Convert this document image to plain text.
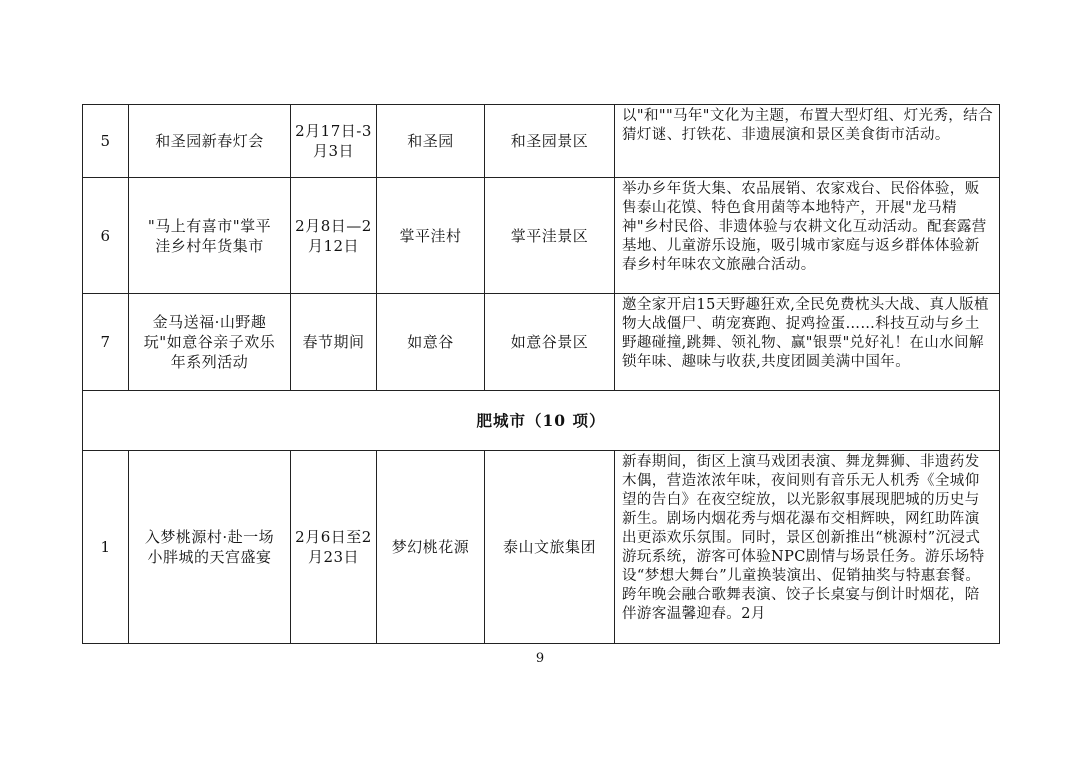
5	和圣园新春灯会	2月17日-3月3日	和圣园	和圣园景区	以"和""马年"文化为主题，布置大型灯组、灯光秀，结合猜灯谜、打铁花、非遗展演和景区美食街市活动。
6	"马上有喜市"掌平洼乡村年货集市	2月8日—2月12日	掌平洼村	掌平洼景区	举办乡年货大集、农品展销、农家戏台、民俗体验，贩售泰山花馍、特色食用菌等本地特产，开展"龙马精神"乡村民俗、非遗体验与农耕文化互动活动。配套露营基地、儿童游乐设施，吸引城市家庭与返乡群体体验新春乡村年味农文旅融合活动。
7	金马送福·山野趣玩"如意谷亲子欢乐年系列活动	春节期间	如意谷	如意谷景区	邀全家开启15天野趣狂欢,全民免费枕头大战、真人版植物大战僵尸、萌宠赛跑、捉鸡捡蛋……科技互动与乡土野趣碰撞,跳舞、领礼物、赢"银票"兑好礼！在山水间解锁年味、趣味与收获,共度团圆美满中国年。
肥城市（10 项）					
1	入梦桃源村·赴一场小胖城的天宫盛宴	2月6日至2月23日	梦幻桃花源	泰山文旅集团	新春期间，街区上演马戏团表演、舞龙舞狮、非遗药发木偶，营造浓浓年味，夜间则有音乐无人机秀《全城仰望的告白》在夜空绽放，以光影叙事展现肥城的历史与新生。剧场内烟花秀与烟花瀑布交相辉映，网红助阵演出更添欢乐氛围。同时，景区创新推出“桃源村”沉浸式游玩系统，游客可体验NPC剧情与场景任务。游乐场特设“梦想大舞台”儿童换装演出、促销抽奖与特惠套餐。跨年晚会融合歌舞表演、饺子长桌宴与倒计时烟花，陪伴游客温馨迎春。2月
9
